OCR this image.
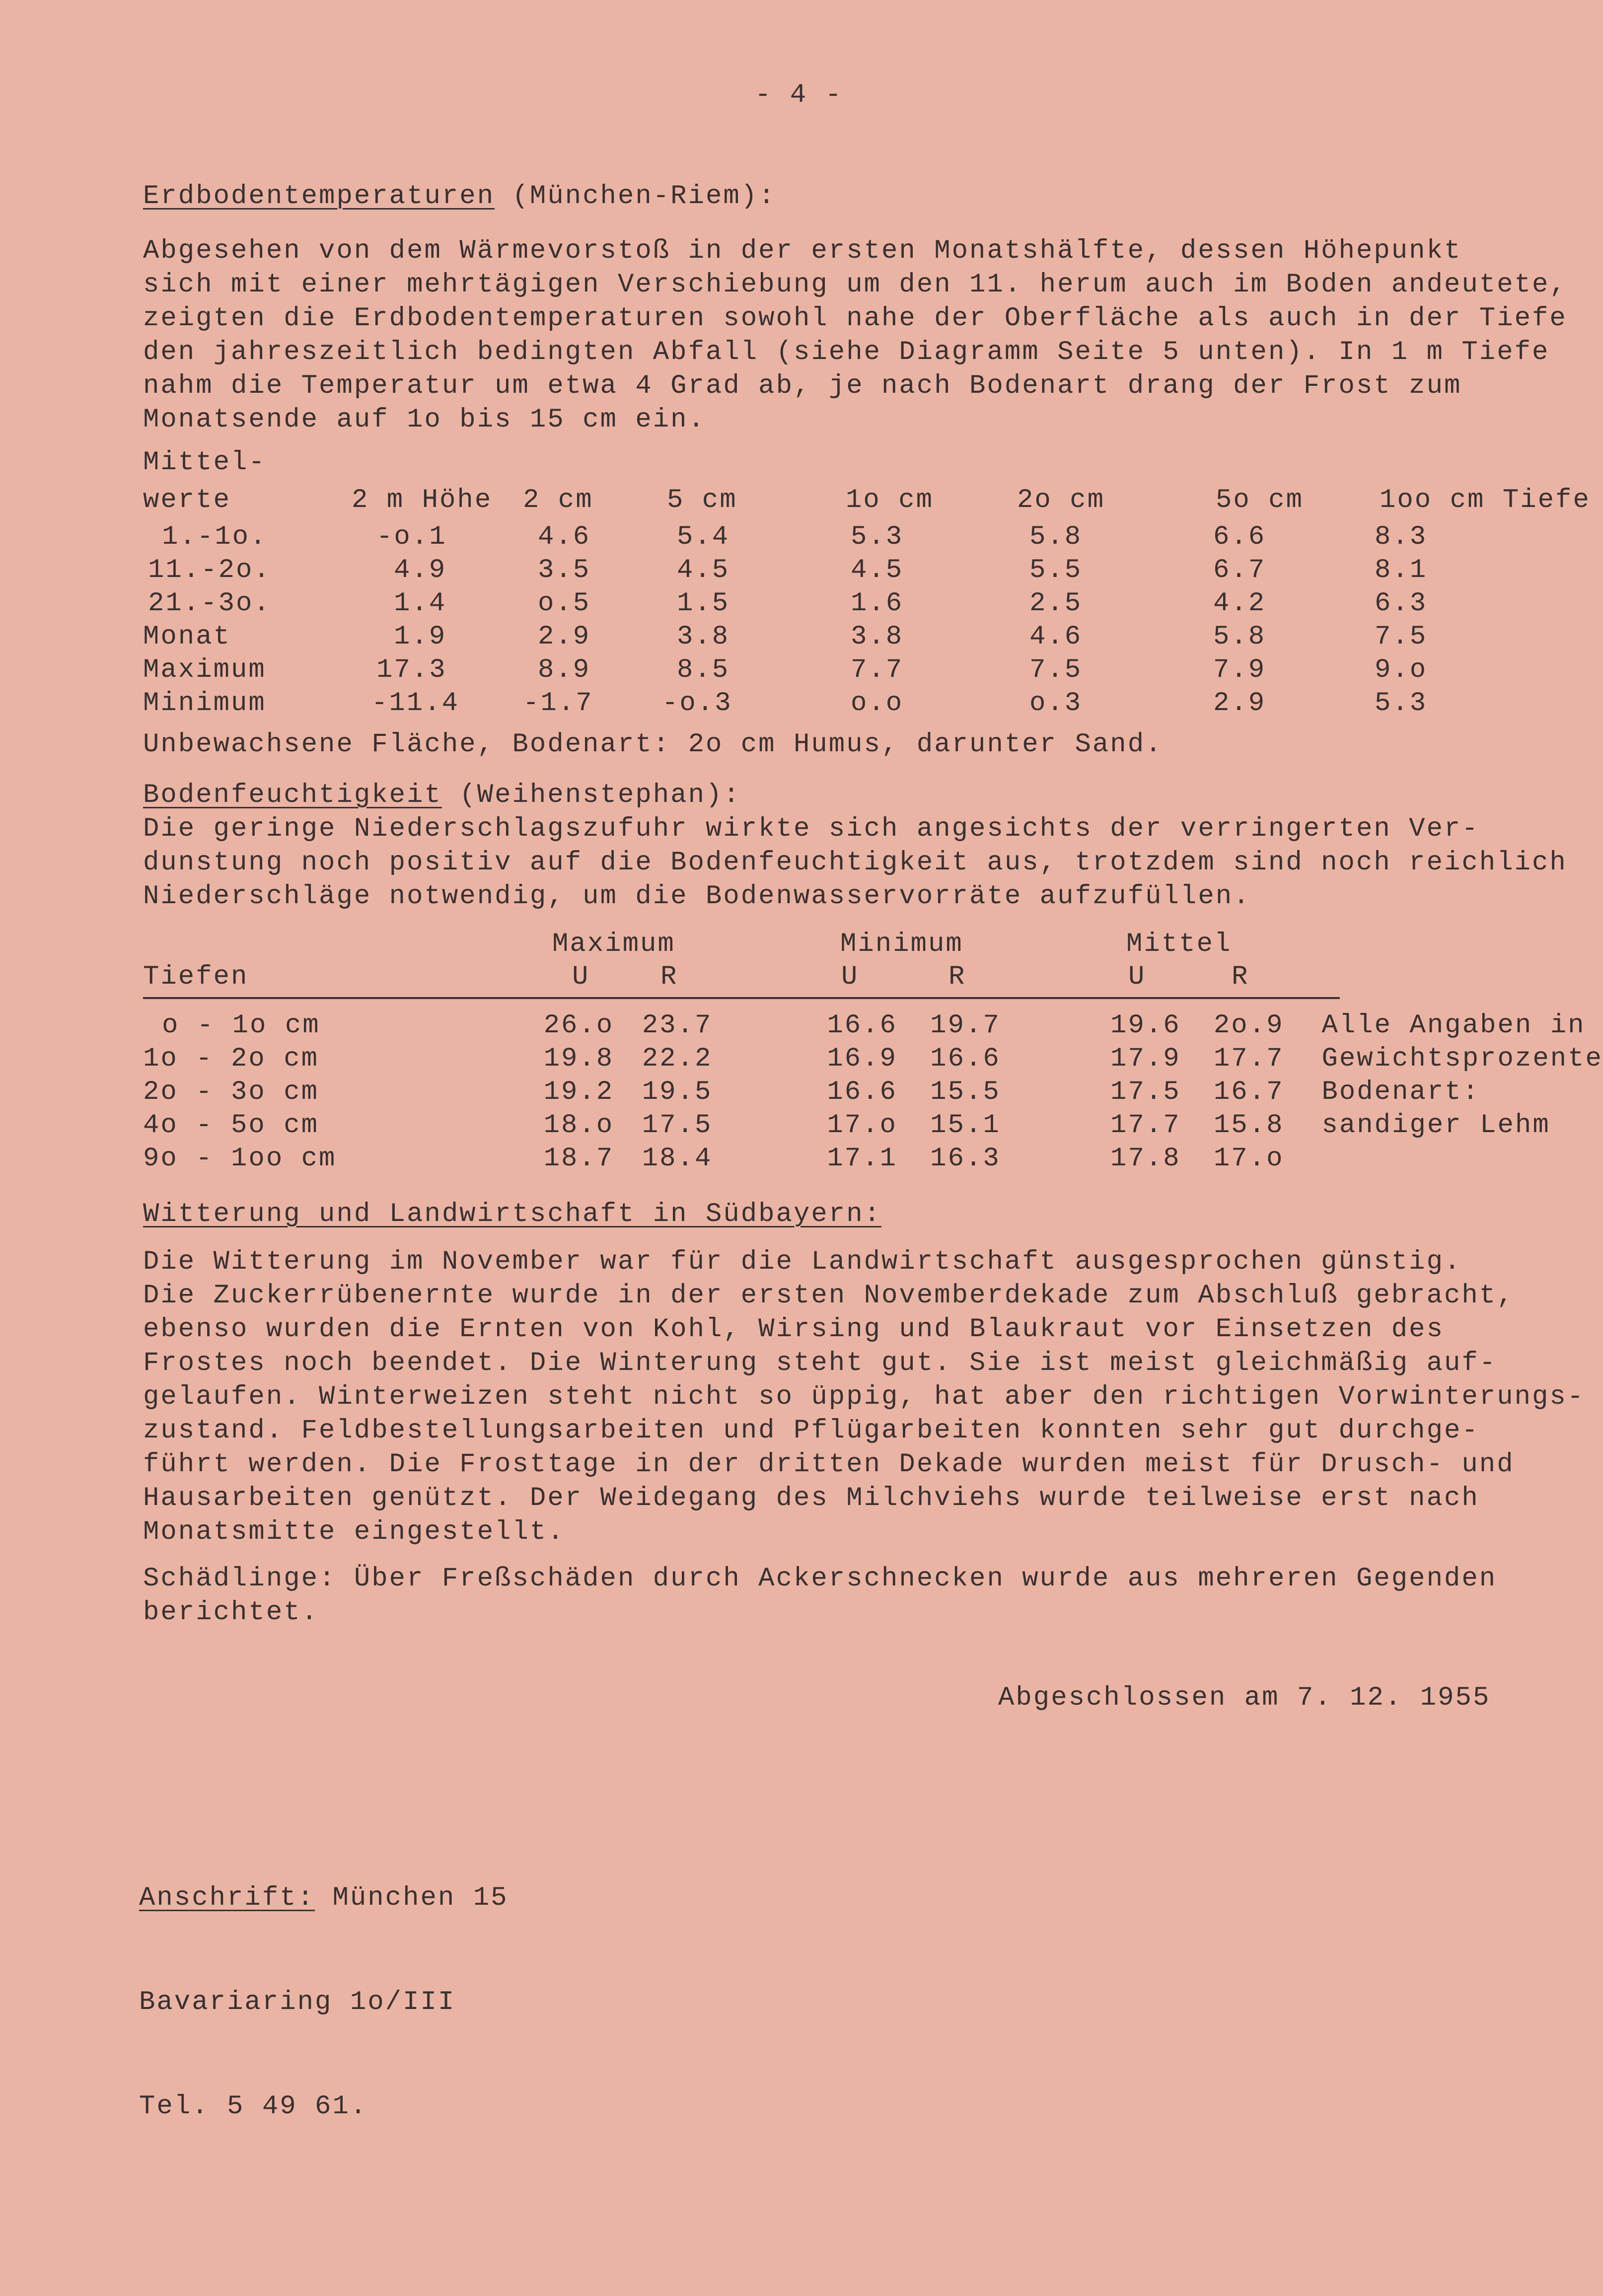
- 4 -
Erdbodentemperaturen (München-Riem):
Abgesehen von dem Wärmevorstoß in der ersten Monatshälfte, dessen Höhepunkt
sich mit einer mehrtägigen Verschiebung um den 11. herum auch im Boden andeutete,
zeigten die Erdbodentemperaturen sowohl nahe der Oberfläche als auch in der Tiefe
den jahreszeitlich bedingten Abfall (siehe Diagramm Seite 5 unten). In 1 m Tiefe
nahm die Temperatur um etwa 4 Grad ab, je nach Bodenart drang der Frost zum
Monatsende auf 1o bis 15 cm ein.
Mittel-
werte	2 m Höhe	2 cm	5 cm	1o cm	2o cm	5o cm	1oo cm Tiefe
1.-1o.	-o.1	4.6	5.4	5.3	5.8	6.6	8.3
11.-2o.	4.9	3.5	4.5	4.5	5.5	6.7	8.1
21.-3o.	1.4	o.5	1.5	1.6	2.5	4.2	6.3
Monat	1.9	2.9	3.8	3.8	4.6	5.8	7.5
Maximum	17.3	8.9	8.5	7.7	7.5	7.9	9.o
Minimum	-11.4	-1.7	-o.3	o.o	o.3	2.9	5.3
Unbewachsene Fläche, Bodenart: 2o cm Humus, darunter Sand.
Bodenfeuchtigkeit (Weihenstephan):
Die geringe Niederschlagszufuhr wirkte sich angesichts der verringerten Ver-
dunstung noch positiv auf die Bodenfeuchtigkeit aus, trotzdem sind noch reichlich
Niederschläge notwendig, um die Bodenwasservorräte aufzufüllen.
Maximum	Minimum	Mittel
Tiefen	U	R	U	R	U	R
o - 1o cm	26.o	23.7	16.6	19.7	19.6	2o.9	Alle Angaben in
1o - 2o cm	19.8	22.2	16.9	16.6	17.9	17.7	Gewichtsprozente
2o - 3o cm	19.2	19.5	16.6	15.5	17.5	16.7	Bodenart:
4o - 5o cm	18.o	17.5	17.o	15.1	17.7	15.8	sandiger Lehm
9o - 1oo cm	18.7	18.4	17.1	16.3	17.8	17.o	
Witterung und Landwirtschaft in Südbayern:
Die Witterung im November war für die Landwirtschaft ausgesprochen günstig.
Die Zuckerrübenernte wurde in der ersten Novemberdekade zum Abschluß gebracht,
ebenso wurden die Ernten von Kohl, Wirsing und Blaukraut vor Einsetzen des
Frostes noch beendet. Die Winterung steht gut. Sie ist meist gleichmäßig auf-
gelaufen. Winterweizen steht nicht so üppig, hat aber den richtigen Vorwinterungs-
zustand. Feldbestellungsarbeiten und Pflügarbeiten konnten sehr gut durchge-
führt werden. Die Frosttage in der dritten Dekade wurden meist für Drusch- und
Hausarbeiten genützt. Der Weidegang des Milchviehs wurde teilweise erst nach
Monatsmitte eingestellt.
Schädlinge: Über Freßschäden durch Ackerschnecken wurde aus mehreren Gegenden
berichtet.
Abgeschlossen am 7. 12. 1955

Anschrift: München 15

Bavariaring 1o/III

Tel. 5 49 61.
